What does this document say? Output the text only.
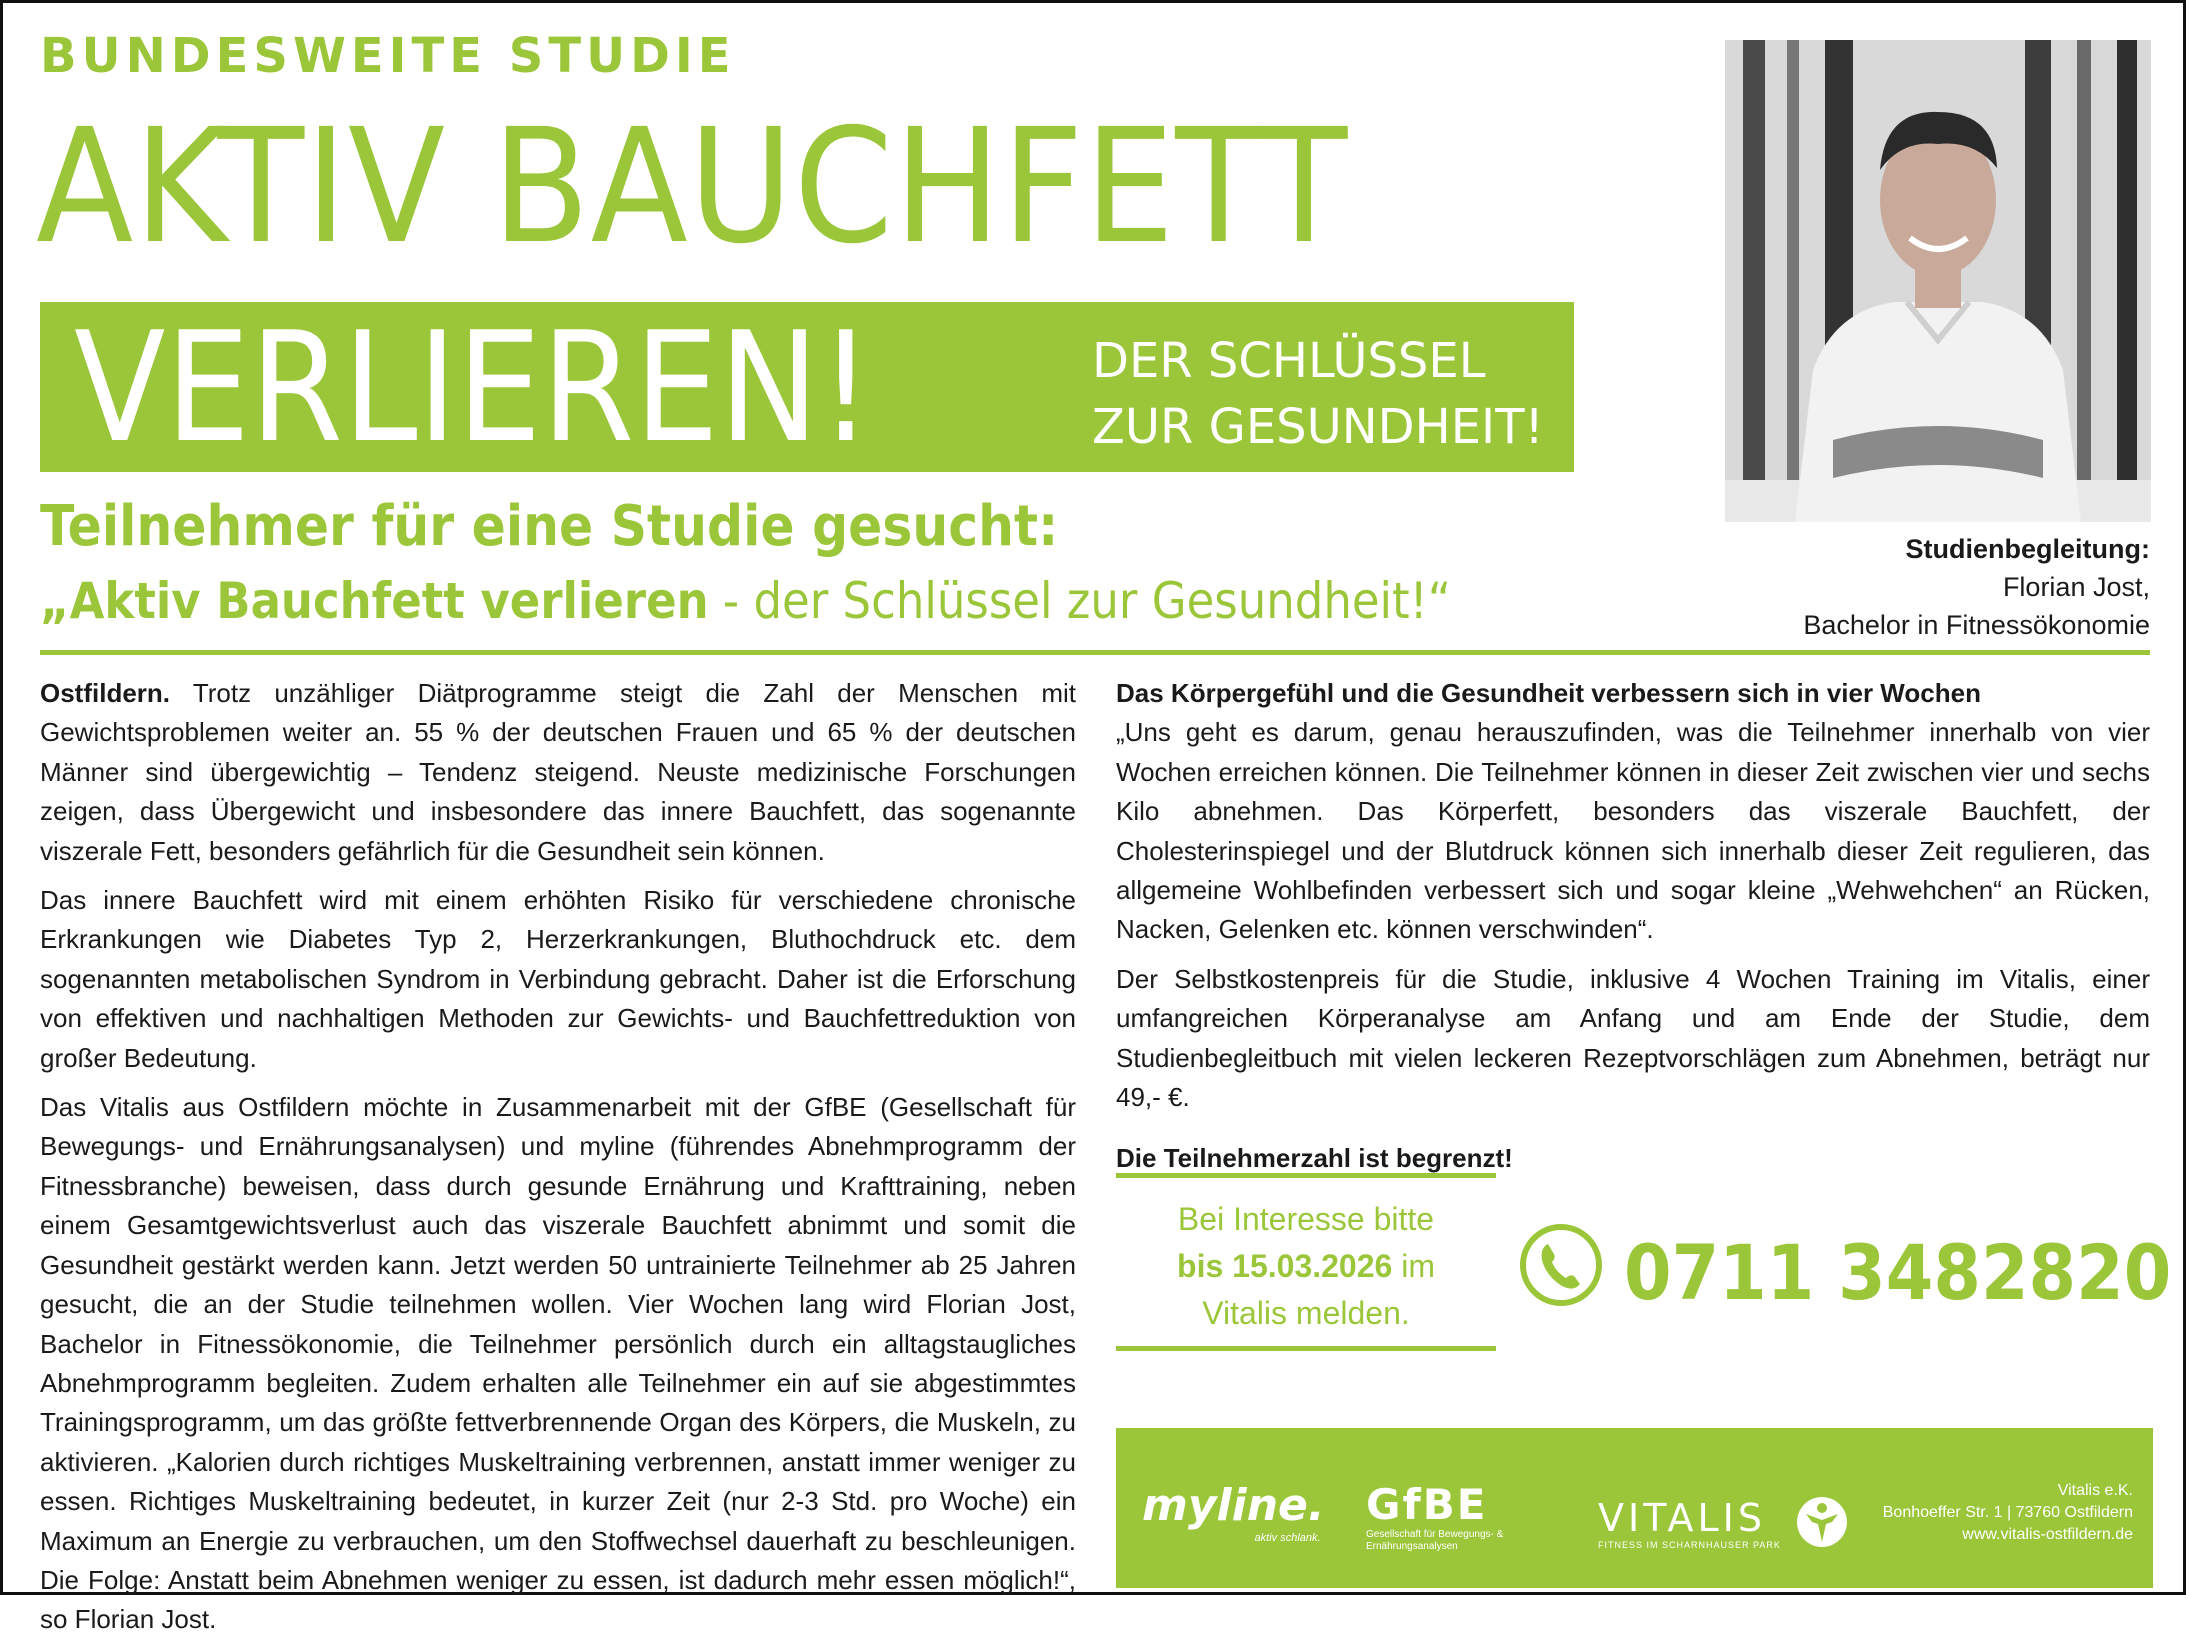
BUNDESWEITE STUDIE
AKTIV BAUCHFETT
VERLIEREN!	DER SCHLÜSSEL
ZUR GESUNDHEIT!
Teilnehmer für eine Studie gesucht:
„Aktiv Bauchfett verlieren - der Schlüssel zur Gesundheit!“
Studienbegleitung:
Florian Jost,
Bachelor in Fitnessökonomie

Ostfildern. Trotz unzähliger Diätprogramme steigt die Zahl der Menschen mit Gewichtsproblemen weiter an. 55 % der deutschen Frauen und 65 % der deutschen Männer sind übergewichtig – Tendenz steigend. Neuste medizinische Forschungen zeigen, dass Übergewicht und insbesondere das innere Bauchfett, das sogenannte viszerale Fett, besonders gefährlich für die Gesundheit sein können.

Das innere Bauchfett wird mit einem erhöhten Risiko für verschiedene chronische Erkrankungen wie Diabetes Typ 2, Herzerkrankungen, Bluthochdruck etc. dem sogenannten metabolischen Syndrom in Verbindung gebracht. Daher ist die Erforschung von effektiven und nachhaltigen Methoden zur Gewichts- und Bauchfettreduktion von großer Bedeutung.

Das Vitalis aus Ostfildern möchte in Zusammenarbeit mit der GfBE (Gesellschaft für Bewegungs- und Ernährungsanalysen) und myline (führendes Abnehmprogramm der Fitnessbranche) beweisen, dass durch gesunde Ernährung und Krafttraining, neben einem Gesamtgewichtsverlust auch das viszerale Bauchfett abnimmt und somit die Gesundheit gestärkt werden kann. Jetzt werden 50 untrainierte Teilnehmer ab 25 Jahren gesucht, die an der Studie teilnehmen wollen. Vier Wochen lang wird Florian Jost, Bachelor in Fitnessökonomie, die Teilnehmer persönlich durch ein alltagstaugliches Abnehmprogramm begleiten. Zudem erhalten alle Teilnehmer ein auf sie abgestimmtes Trainingsprogramm, um das größte fettverbrennende Organ des Körpers, die Muskeln, zu aktivieren. „Kalorien durch richtiges Muskeltraining verbrennen, anstatt immer weniger zu essen. Richtiges Muskeltraining bedeutet, in kurzer Zeit (nur 2-3 Std. pro Woche) ein Maximum an Energie zu verbrauchen, um den Stoffwechsel dauerhaft zu beschleunigen. Die Folge: Anstatt beim Abnehmen weniger zu essen, ist dadurch mehr essen möglich!“, so Florian Jost.

Das Körpergefühl und die Gesundheit verbessern sich in vier Wochen

„Uns geht es darum, genau herauszufinden, was die Teilnehmer innerhalb von vier Wochen erreichen können. Die Teilnehmer können in dieser Zeit zwischen vier und sechs Kilo abnehmen. Das Körperfett, besonders das viszerale Bauchfett, der Cholesterinspiegel und der Blutdruck können sich innerhalb dieser Zeit regulieren, das allgemeine Wohlbefinden verbessert sich und sogar kleine „Wehwehchen“ an Rücken, Nacken, Gelenken etc. können verschwinden“.

Der Selbstkostenpreis für die Studie, inklusive 4 Wochen Training im Vitalis, einer umfangreichen Körperanalyse am Anfang und am Ende der Studie, dem Studienbegleitbuch mit vielen leckeren Rezeptvorschlägen zum Abnehmen, beträgt nur 49,- €.

Die Teilnehmerzahl ist begrenzt!

Bei Interesse bitte
bis 15.03.2026 im
Vitalis melden.	0711 3482820
myline.
aktiv schlank.
GfBE
Gesellschaft für Bewegungs- & Ernährungsanalysen
VITALIS
FITNESS IM SCHARNHAUSER PARK
Vitalis e.K.
Bonhoeffer Str. 1 | 73760 Ostfildern
www.vitalis-ostfildern.de
